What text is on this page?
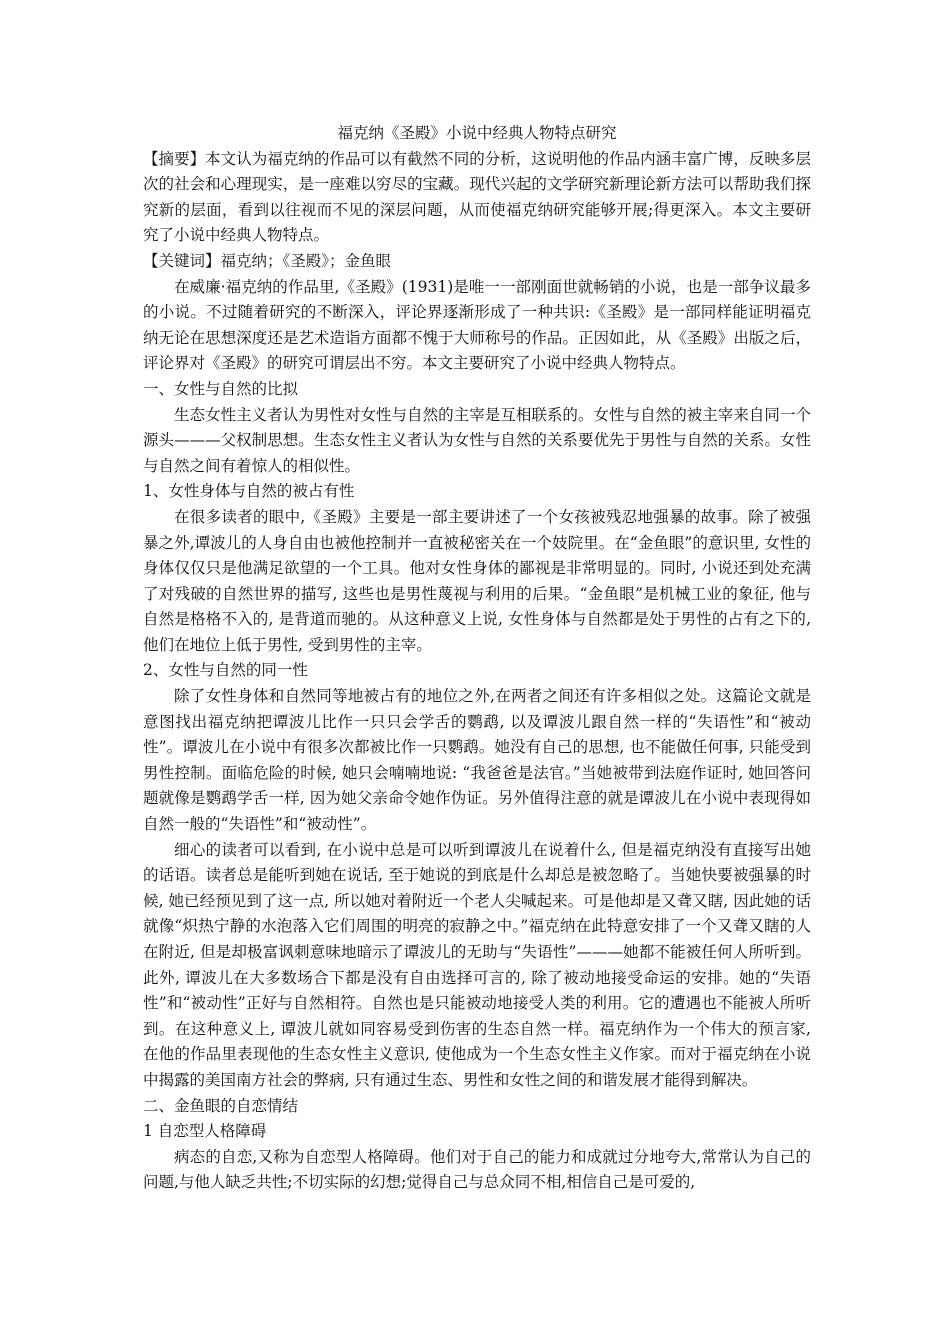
福克纳《圣殿》小说中经典人物特点研究

【摘要】本文认为福克纳的作品可以有截然不同的分析，这说明他的作品内涵丰富广博，反映多层次的社会和心理现实，是一座难以穷尽的宝藏。现代兴起的文学研究新理论新方法可以帮助我们探究新的层面，看到以往视而不见的深层问题，从而使福克纳研究能够开展;得更深入。本文主要研究了小说中经典人物特点。

【关键词】福克纳；《圣殿》；金鱼眼

在威廉·福克纳的作品里,《圣殿》(1931)是唯一一部刚面世就畅销的小说，也是一部争议最多的小说。不过随着研究的不断深入，评论界逐渐形成了一种共识:《圣殿》是一部同样能证明福克纳无论在思想深度还是艺术造诣方面都不愧于大师称号的作品。正因如此，从《圣殿》出版之后，评论界对《圣殿》的研究可谓层出不穷。本文主要研究了小说中经典人物特点。

一、女性与自然的比拟

生态女性主义者认为男性对女性与自然的主宰是互相联系的。女性与自然的被主宰来自同一个源头———父权制思想。生态女性主义者认为女性与自然的关系要优先于男性与自然的关系。女性与自然之间有着惊人的相似性。

1、女性身体与自然的被占有性

在很多读者的眼中,《圣殿》主要是一部主要讲述了一个女孩被残忍地强暴的故事。除了被强暴之外,谭波儿的人身自由也被他控制并一直被秘密关在一个妓院里。在“金鱼眼”的意识里, 女性的身体仅仅只是他满足欲望的一个工具。他对女性身体的鄙视是非常明显的。同时, 小说还到处充满了对残破的自然世界的描写, 这些也是男性蔑视与利用的后果。“金鱼眼”是机械工业的象征, 他与自然是格格不入的, 是背道而驰的。从这种意义上说, 女性身体与自然都是处于男性的占有之下的, 他们在地位上低于男性, 受到男性的主宰。

2、女性与自然的同一性

除了女性身体和自然同等地被占有的地位之外,在两者之间还有许多相似之处。这篇论文就是意图找出福克纳把谭波儿比作一只只会学舌的鹦鹉, 以及谭波儿跟自然一样的“失语性”和“被动性”。谭波儿在小说中有很多次都被比作一只鹦鹉。她没有自己的思想, 也不能做任何事, 只能受到男性控制。面临危险的时候, 她只会喃喃地说: “我爸爸是法官。”当她被带到法庭作证时, 她回答问题就像是鹦鹉学舌一样, 因为她父亲命令她作伪证。另外值得注意的就是谭波儿在小说中表现得如自然一般的“失语性”和“被动性”。

细心的读者可以看到, 在小说中总是可以听到谭波儿在说着什么, 但是福克纳没有直接写出她的话语。读者总是能听到她在说话, 至于她说的到底是什么却总是被忽略了。当她快要被强暴的时候, 她已经预见到了这一点, 所以她对着附近一个老人尖喊起来。可是他却是又聋又瞎, 因此她的话就像“炽热宁静的水泡落入它们周围的明亮的寂静之中。”福克纳在此特意安排了一个又聋又瞎的人在附近, 但是却极富讽刺意味地暗示了谭波儿的无助与“失语性”———她都不能被任何人所听到。此外, 谭波儿在大多数场合下都是没有自由选择可言的, 除了被动地接受命运的安排。她的“失语性”和“被动性”正好与自然相符。自然也是只能被动地接受人类的利用。它的遭遇也不能被人所听到。在这种意义上, 谭波儿就如同容易受到伤害的生态自然一样。福克纳作为一个伟大的预言家, 在他的作品里表现他的生态女性主义意识, 使他成为一个生态女性主义作家。而对于福克纳在小说中揭露的美国南方社会的弊病, 只有通过生态、男性和女性之间的和谐发展才能得到解决。

二、金鱼眼的自恋情结

1 自恋型人格障碍

病态的自恋,又称为自恋型人格障碍。他们对于自己的能力和成就过分地夸大,常常认为自己的问题,与他人缺乏共性;不切实际的幻想;觉得自己与总众同不相,相信自己是可爱的,
